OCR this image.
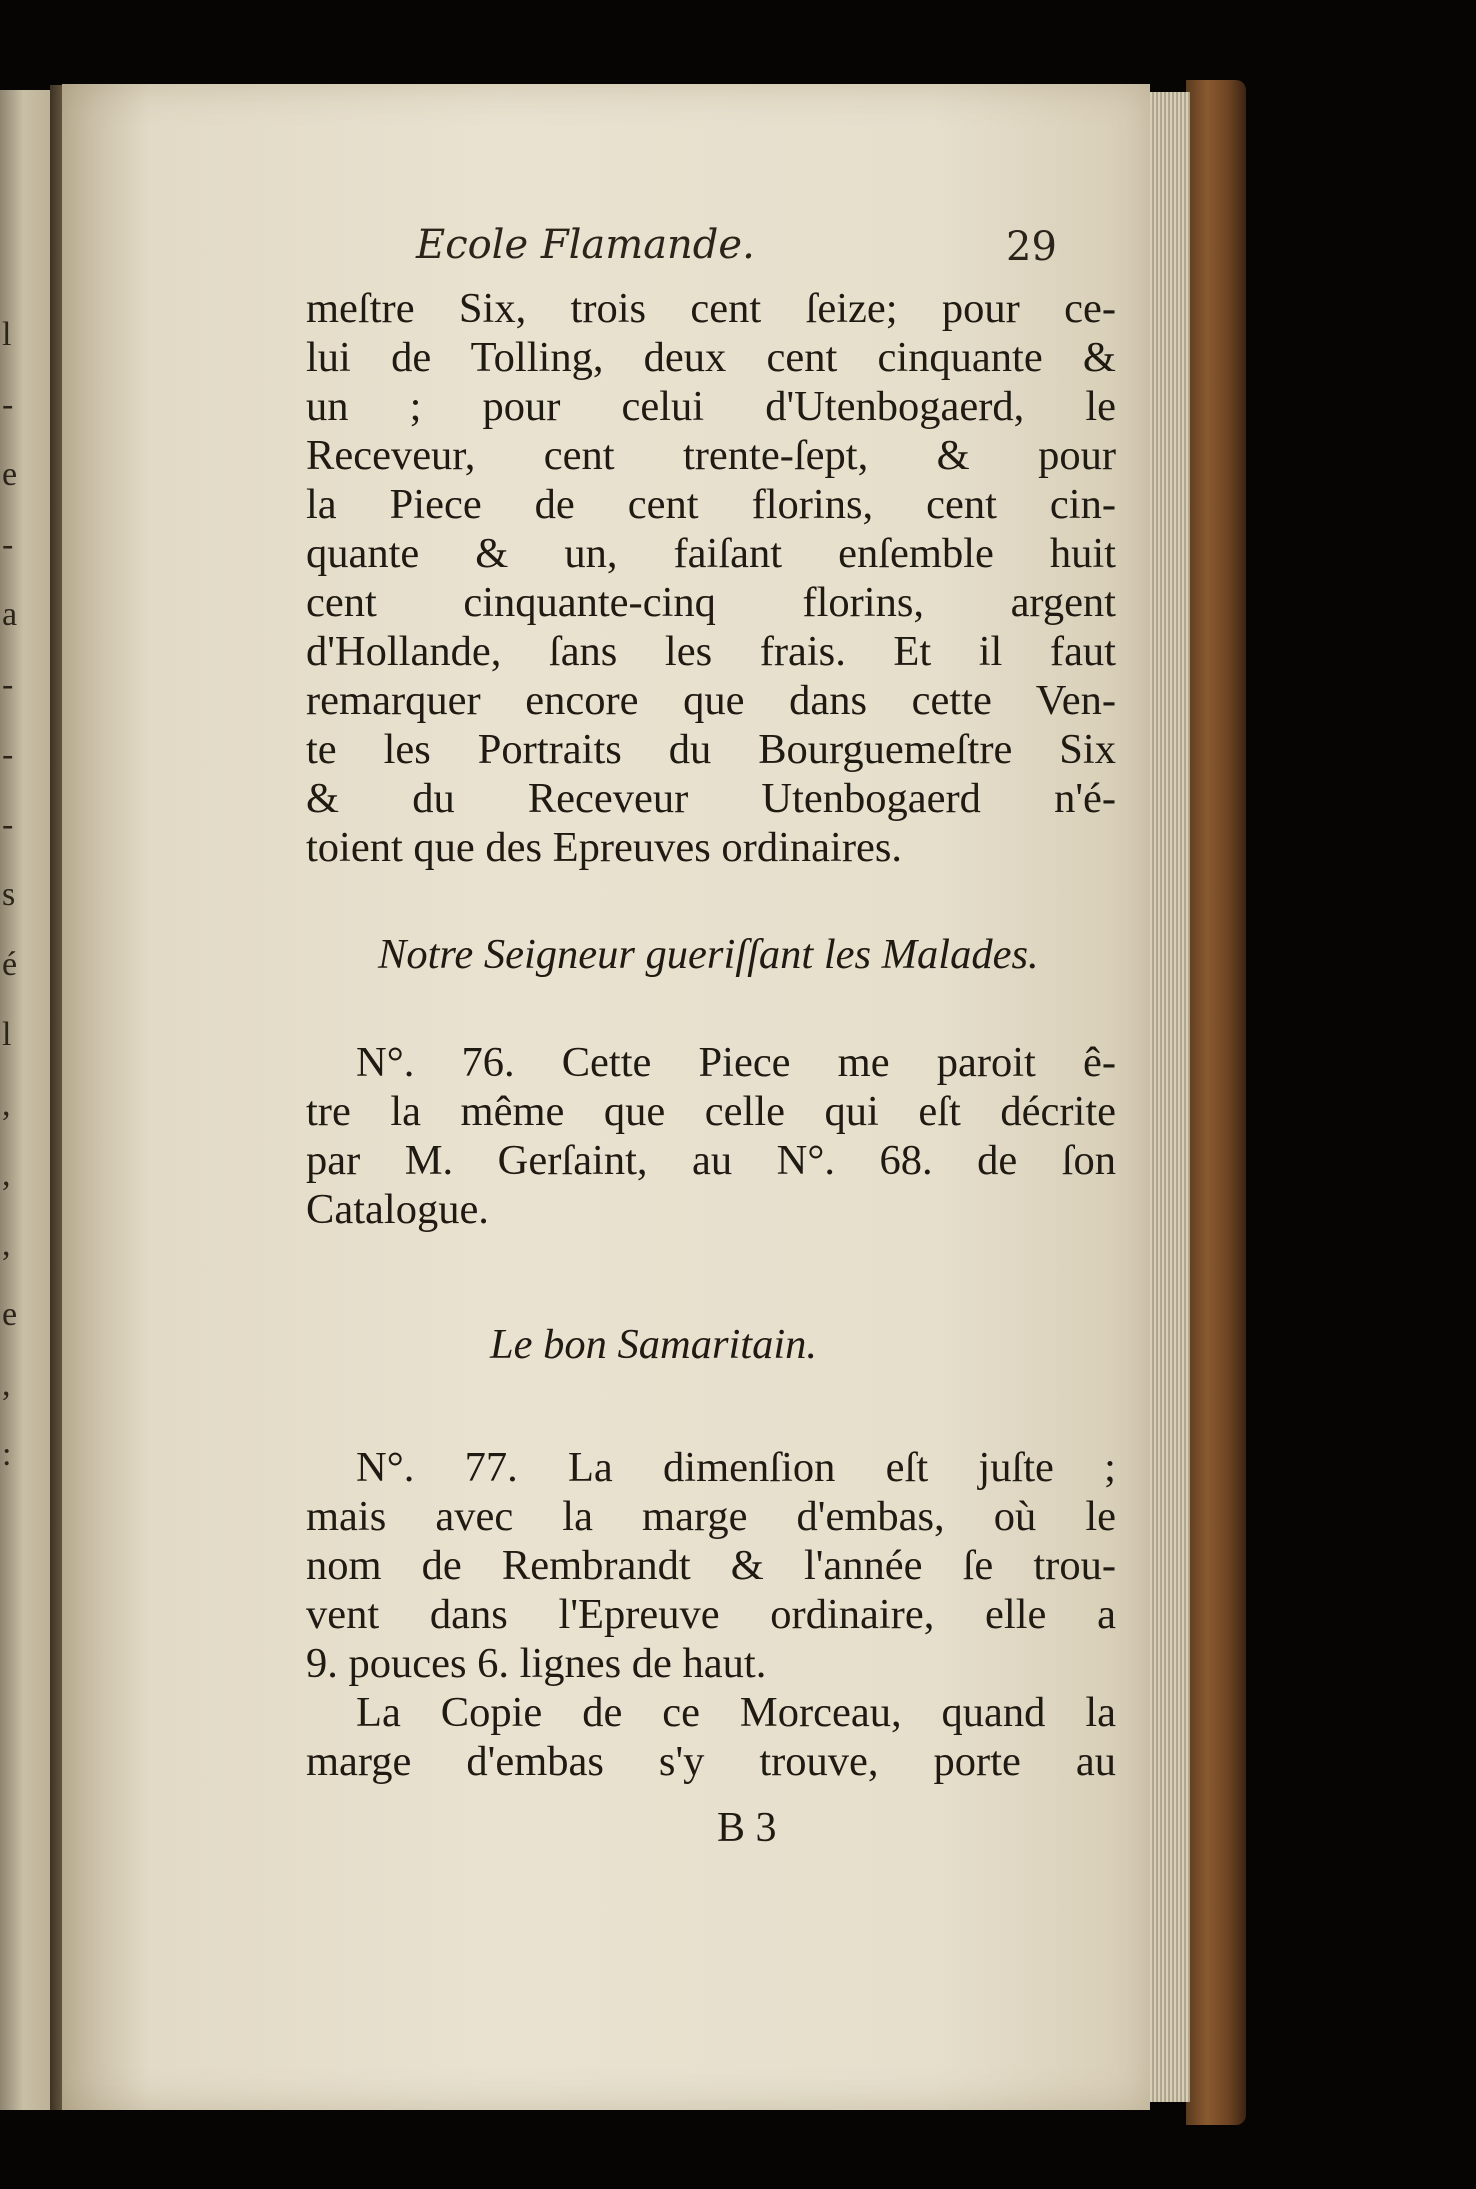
l
-
e
-
a
-
-
-
s
é
l
,
,
,
e
,
:
Ecole Flamande.	29
meſtre Six, trois cent ſeize; pour ce-
lui de Tolling, deux cent cinquante &
un ; pour celui d'Utenbogaerd, le
Receveur, cent trente-ſept, & pour
la Piece de cent florins, cent cin-
quante & un, faiſant enſemble huit
cent cinquante-cinq florins, argent
d'Hollande, ſans les frais. Et il faut
remarquer encore que dans cette Ven-
te les Portraits du Bourguemeſtre Six
& du Receveur Utenbogaerd n'é-
toient que des Epreuves ordinaires.
Notre Seigneur gueriſſant les Malades.
N°. 76. Cette Piece me paroit ê-
tre la même que celle qui eſt décrite
par M. Gerſaint, au N°. 68. de ſon
Catalogue.
Le bon Samaritain.
N°. 77. La dimenſion eſt juſte ;
mais avec la marge d'embas, où le
nom de Rembrandt & l'année ſe trou-
vent dans l'Epreuve ordinaire, elle a
9. pouces 6. lignes de haut.
La Copie de ce Morceau, quand la
marge d'embas s'y trouve, porte au
B 3
